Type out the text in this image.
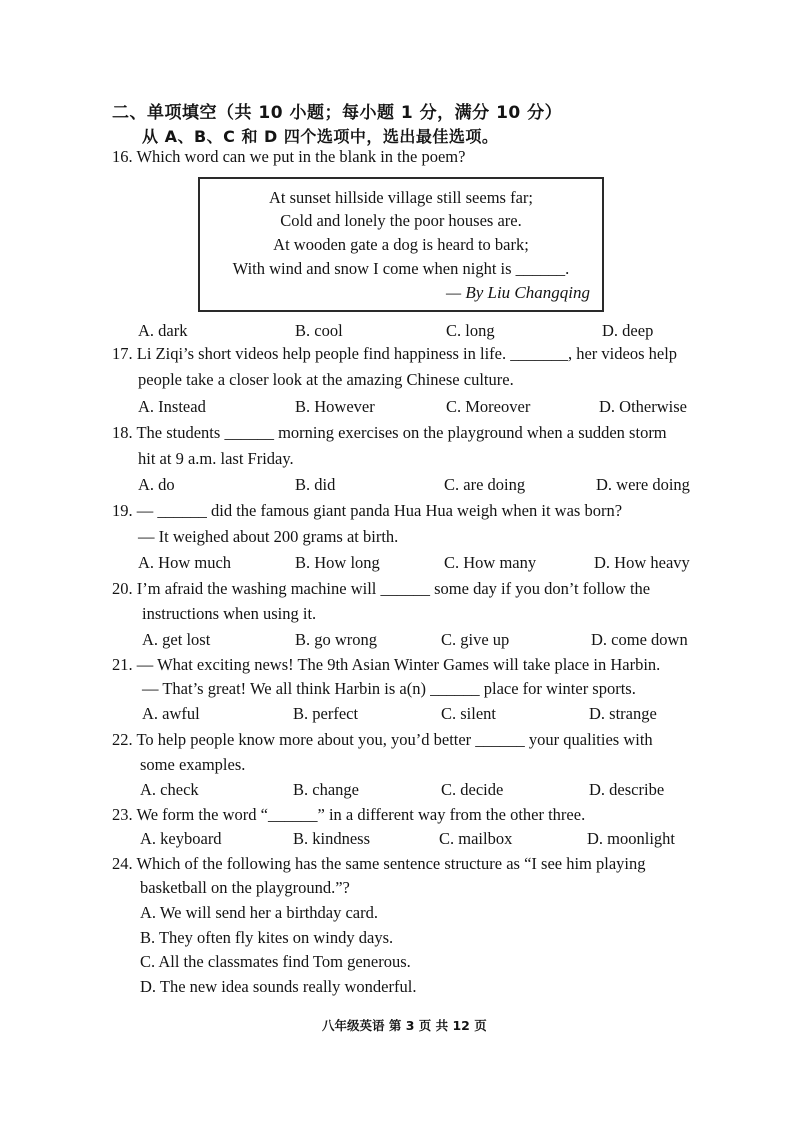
二、单项填空（共 10 小题；每小题 1 分，满分 10 分）
从 A、B、C 和 D 四个选项中，选出最佳选项。
16. Which word can we put in the blank in the poem?
At sunset hillside village still seems far;
Cold and lonely the poor houses are.
At wooden gate a dog is heard to bark;
With wind and snow I come when night is ______.
— By Liu Changqing
A. dark	B. cool	C. long	D. deep
17. Li Ziqi’s short videos help people find happiness in life. _______, her videos help
people take a closer look at the amazing Chinese culture.
A. Instead	B. However	C. Moreover	D. Otherwise
18. The students ______ morning exercises on the playground when a sudden storm
hit at 9 a.m. last Friday.
A. do	B. did	C. are doing	D. were doing
19. — ______ did the famous giant panda Hua Hua weigh when it was born?
— It weighed about 200 grams at birth.
A. How much	B. How long	C. How many	D. How heavy
20. I’m afraid the washing machine will ______ some day if you don’t follow the
instructions when using it.
A. get lost	B. go wrong	C. give up	D. come down
21. — What exciting news! The 9th Asian Winter Games will take place in Harbin.
— That’s great! We all think Harbin is a(n) ______ place for winter sports.
A. awful	B. perfect	C. silent	D. strange
22. To help people know more about you, you’d better ______ your qualities with
some examples.
A. check	B. change	C. decide	D. describe
23. We form the word “______” in a different way from the other three.
A. keyboard	B. kindness	C. mailbox	D. moonlight
24. Which of the following has the same sentence structure as “I see him playing
basketball on the playground.”?
A. We will send her a birthday card.
B. They often fly kites on windy days.
C. All the classmates find Tom generous.
D. The new idea sounds really wonderful.
八年级英语 第 3 页 共 12 页
